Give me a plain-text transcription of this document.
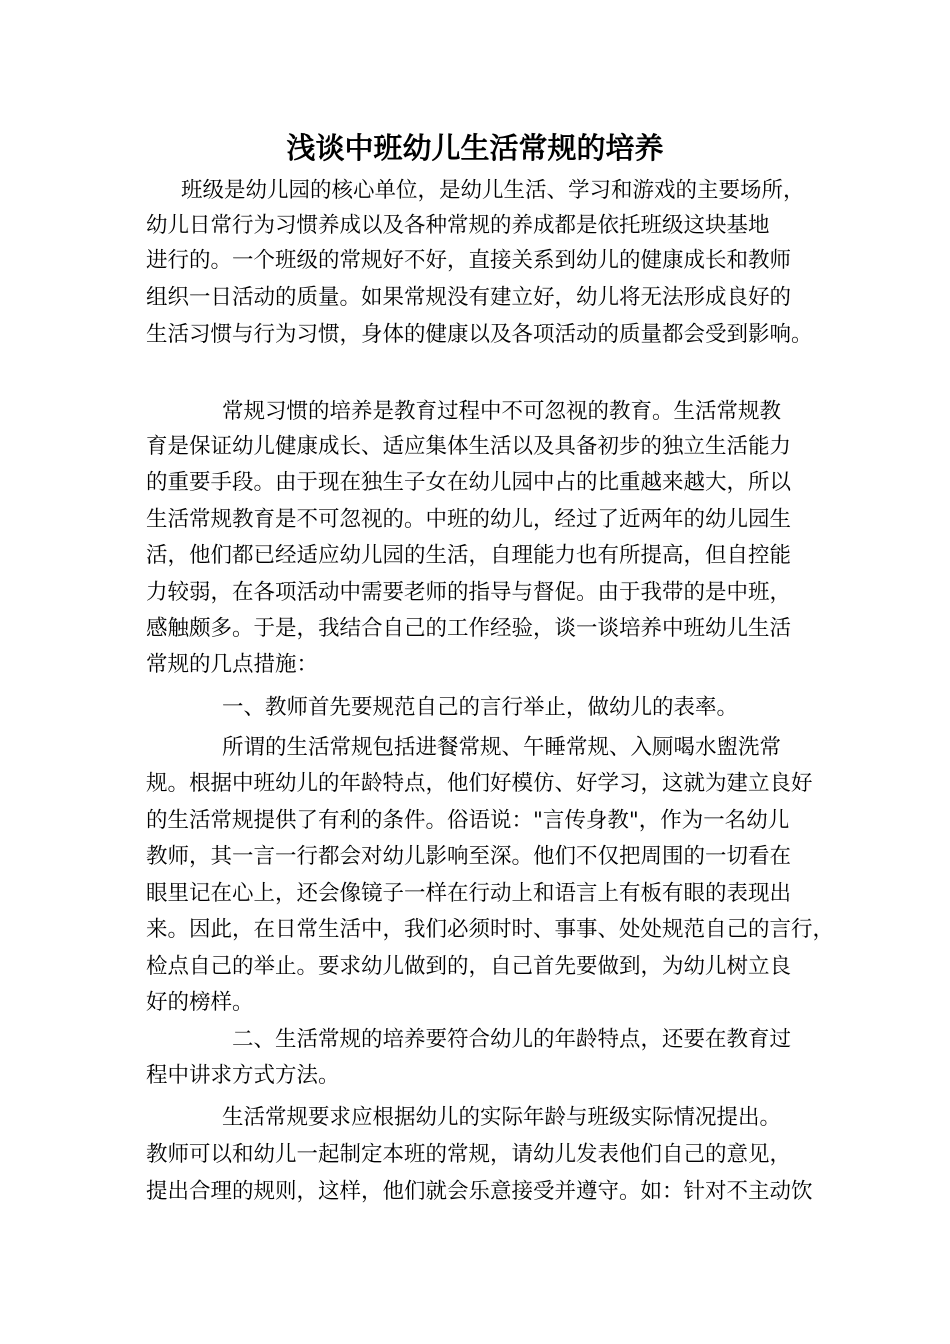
浅谈中班幼儿生活常规的培养
班级是幼儿园的核心单位，是幼儿生活、学习和游戏的主要场所，
幼儿日常行为习惯养成以及各种常规的养成都是依托班级这块基地
进行的。一个班级的常规好不好，直接关系到幼儿的健康成长和教师
组织一日活动的质量。如果常规没有建立好，幼儿将无法形成良好的
生活习惯与行为习惯，身体的健康以及各项活动的质量都会受到影响。
常规习惯的培养是教育过程中不可忽视的教育。生活常规教
育是保证幼儿健康成长、适应集体生活以及具备初步的独立生活能力
的重要手段。由于现在独生子女在幼儿园中占的比重越来越大，所以
生活常规教育是不可忽视的。中班的幼儿，经过了近两年的幼儿园生
活，他们都已经适应幼儿园的生活，自理能力也有所提高，但自控能
力较弱，在各项活动中需要老师的指导与督促。由于我带的是中班，
感触颇多。于是，我结合自己的工作经验，谈一谈培养中班幼儿生活
常规的几点措施：
一、教师首先要规范自己的言行举止，做幼儿的表率。
所谓的生活常规包括进餐常规、午睡常规、入厕喝水盥洗常
规。根据中班幼儿的年龄特点，他们好模仿、好学习，这就为建立良好
的生活常规提供了有利的条件。俗语说："言传身教"，作为一名幼儿
教师，其一言一行都会对幼儿影响至深。他们不仅把周围的一切看在
眼里记在心上，还会像镜子一样在行动上和语言上有板有眼的表现出
来。因此，在日常生活中，我们必须时时、事事、处处规范自己的言行，
检点自己的举止。要求幼儿做到的，自己首先要做到，为幼儿树立良
好的榜样。
二、生活常规的培养要符合幼儿的年龄特点，还要在教育过
程中讲求方式方法。
生活常规要求应根据幼儿的实际年龄与班级实际情况提出。
教师可以和幼儿一起制定本班的常规，请幼儿发表他们自己的意见，
提出合理的规则，这样，他们就会乐意接受并遵守。如：针对不主动饮
